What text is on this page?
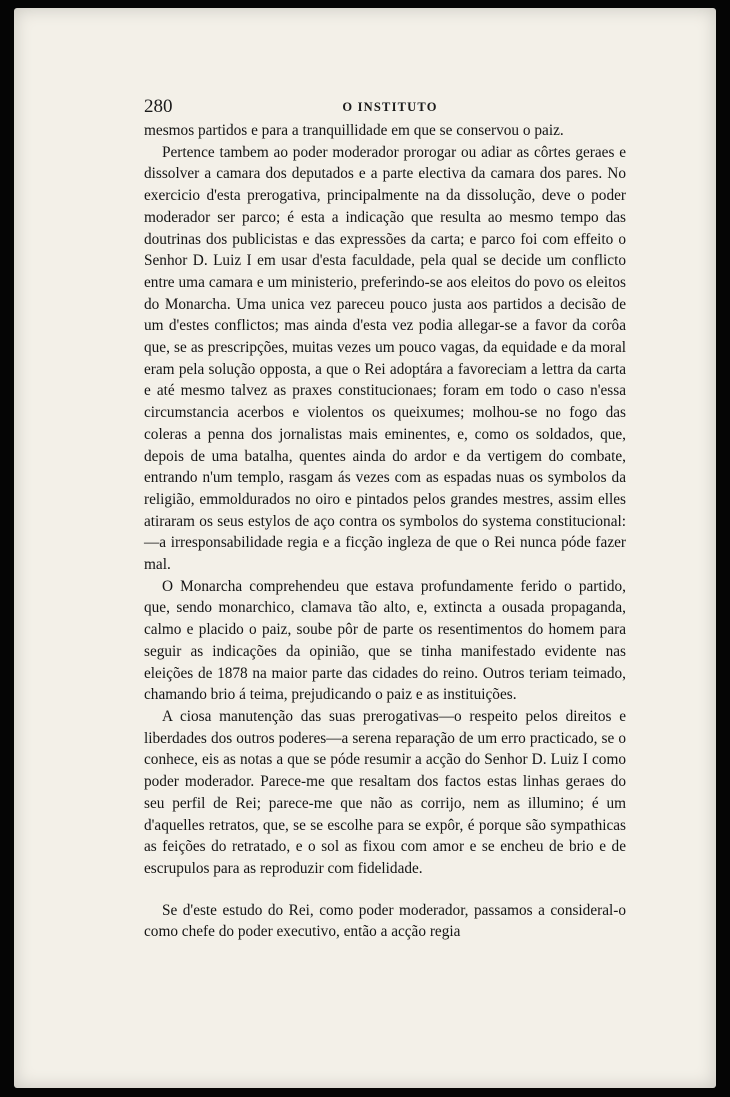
280	O INSTITUTO

mesmos partidos e para a tranquillidade em que se conservou o paiz.

Pertence tambem ao poder moderador prorogar ou adiar as côrtes geraes e dissolver a camara dos deputados e a parte electiva da camara dos pares. No exercicio d'esta prerogativa, principalmente na da dissolução, deve o poder moderador ser parco; é esta a indicação que resulta ao mesmo tempo das doutrinas dos publicistas e das expressões da carta; e parco foi com effeito o Senhor D. Luiz I em usar d'esta faculdade, pela qual se decide um conflicto entre uma camara e um ministerio, preferindo-se aos eleitos do povo os eleitos do Monarcha. Uma unica vez pareceu pouco justa aos partidos a decisão de um d'estes conflictos; mas ainda d'esta vez podia allegar-se a favor da corôa que, se as prescripções, muitas vezes um pouco vagas, da equidade e da moral eram pela solução opposta, a que o Rei adoptára a favoreciam a lettra da carta e até mesmo talvez as praxes constitucionaes; foram em todo o caso n'essa circumstancia acerbos e violentos os queixumes; molhou-se no fogo das coleras a penna dos jornalistas mais eminentes, e, como os soldados, que, depois de uma batalha, quentes ainda do ardor e da vertigem do combate, entrando n'um templo, rasgam ás vezes com as espadas nuas os symbolos da religião, emmoldurados no oiro e pintados pelos grandes mestres, assim elles atiraram os seus estylos de aço contra os symbolos do systema constitucional:—a irresponsabilidade regia e a ficção ingleza de que o Rei nunca póde fazer mal.

O Monarcha comprehendeu que estava profundamente ferido o partido, que, sendo monarchico, clamava tão alto, e, extincta a ousada propaganda, calmo e placido o paiz, soube pôr de parte os resentimentos do homem para seguir as indicações da opinião, que se tinha manifestado evidente nas eleições de 1878 na maior parte das cidades do reino. Outros teriam teimado, chamando brio á teima, prejudicando o paiz e as instituições.

A ciosa manutenção das suas prerogativas—o respeito pelos direitos e liberdades dos outros poderes—a serena reparação de um erro practicado, se o conhece, eis as notas a que se póde resumir a acção do Senhor D. Luiz I como poder moderador. Parece-me que resaltam dos factos estas linhas geraes do seu perfil de Rei; parece-me que não as corrijo, nem as illumino; é um d'aquelles retratos, que, se se escolhe para se expôr, é porque são sympathicas as feições do retratado, e o sol as fixou com amor e se encheu de brio e de escrupulos para as reproduzir com fidelidade.

Se d'este estudo do Rei, como poder moderador, passamos a consideral-o como chefe do poder executivo, então a acção regia
